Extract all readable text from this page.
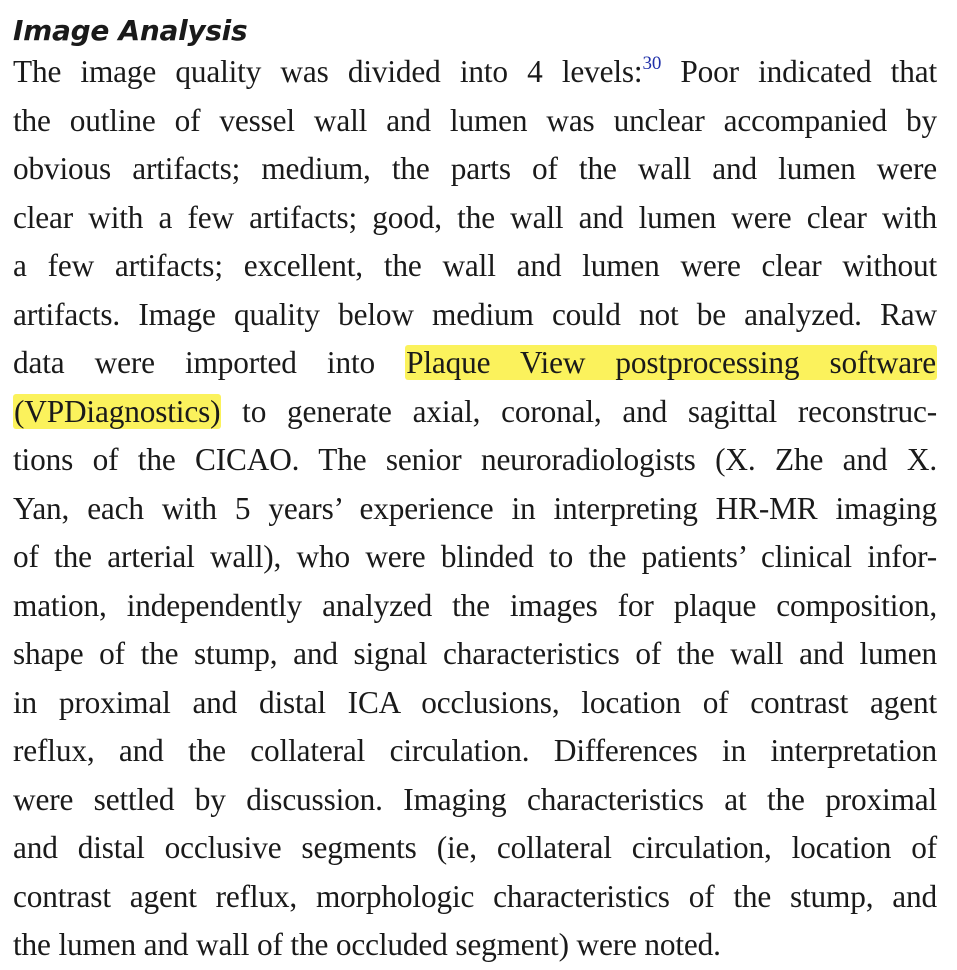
Image Analysis
The image quality was divided into 4 levels:$^{30}$ Poor indicated that
the outline of vessel wall and lumen was unclear accompanied by
obvious artifacts; medium, the parts of the wall and lumen were
clear with a few artifacts; good, the wall and lumen were clear with
a few artifacts; excellent, the wall and lumen were clear without
artifacts. Image quality below medium could not be analyzed. Raw
data were imported into Plaque View postprocessing software
(VPDiagnostics) to generate axial, coronal, and sagittal reconstruc-
tions of the CICAO. The senior neuroradiologists (X. Zhe and X.
Yan, each with 5 years’ experience in interpreting HR-MR imaging
of the arterial wall), who were blinded to the patients’ clinical infor-
mation, independently analyzed the images for plaque composition,
shape of the stump, and signal characteristics of the wall and lumen
in proximal and distal ICA occlusions, location of contrast agent
reflux, and the collateral circulation. Differences in interpretation
were settled by discussion. Imaging characteristics at the proximal
and distal occlusive segments (ie, collateral circulation, location of
contrast agent reflux, morphologic characteristics of the stump, and
the lumen and wall of the occluded segment) were noted.
